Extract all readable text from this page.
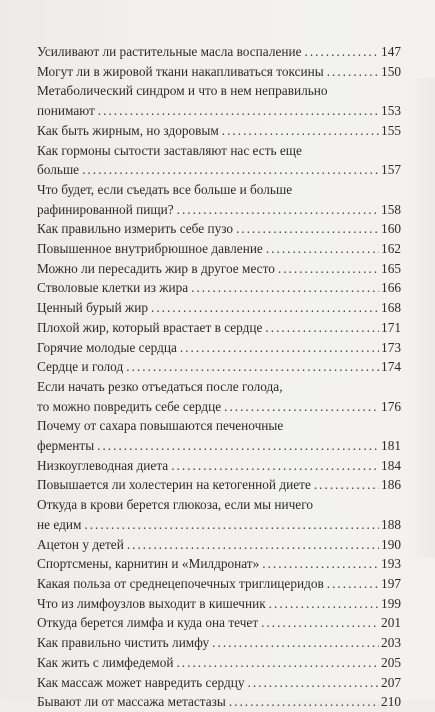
Усиливают ли растительные масла воспаление .....	147
Могут ли в жировой ткани накапливаться токсины .....	150
Метаболический синдром и что в нем неправильно
понимают .....	153
Как быть жирным, но здоровым .....	155
Как гормоны сытости заставляют нас есть еще
больше .....	157
Что будет, если съедать все больше и больше
рафинированной пищи? .....	158
Как правильно измерить себе пузо .....	160
Повышенное внутрибрюшное давление .....	162
Можно ли пересадить жир в другое место .....	165
Стволовые клетки из жира .....	166
Ценный бурый жир .....	168
Плохой жир, который врастает в сердце .....	171
Горячие молодые сердца .....	173
Сердце и голод .....	174
Если начать резко отъедаться после голода,
то можно повредить себе сердце .....	176
Почему от сахара повышаются печеночные
ферменты .....	181
Низкоуглеводная диета .....	184
Повышается ли холестерин на кетогенной диете .....	186
Откуда в крови берется глюкоза, если мы ничего
не едим .....	188
Ацетон у детей .....	190
Спортсмены, карнитин и «Милдронат» .....	193
Какая польза от среднецепочечных триглицеридов .....	197
Что из лимфоузлов выходит в кишечник .....	199
Откуда берется лимфа и куда она течет .....	201
Как правильно чистить лимфу .....	203
Как жить с лимфедемой .....	205
Как массаж может навредить сердцу .....	207
Бывают ли от массажа метастазы .....	210
